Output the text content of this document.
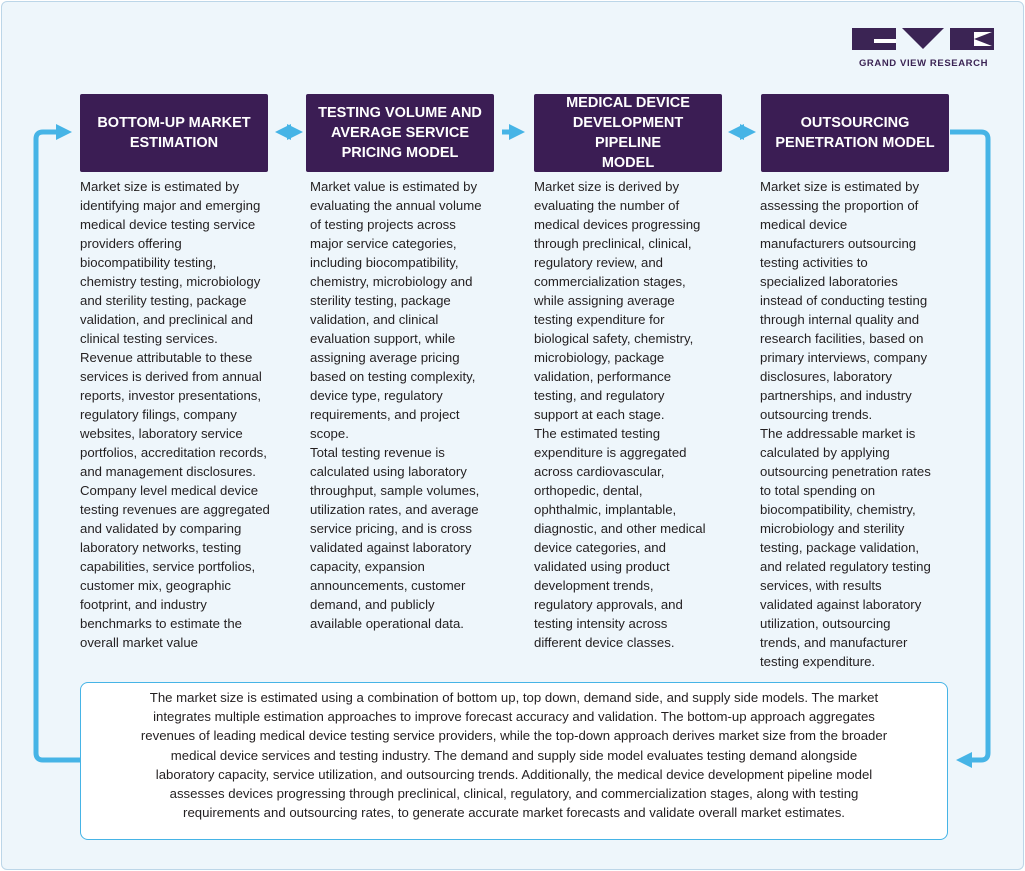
GRAND VIEW RESEARCH
BOTTOM-UP MARKET
ESTIMATION
TESTING VOLUME AND
AVERAGE SERVICE
PRICING MODEL
MEDICAL DEVICE
DEVELOPMENT PIPELINE
MODEL
OUTSOURCING
PENETRATION MODEL
Market size is estimated by
identifying major and emerging
medical device testing service
providers offering
biocompatibility testing,
chemistry testing, microbiology
and sterility testing, package
validation, and preclinical and
clinical testing services.
Revenue attributable to these
services is derived from annual
reports, investor presentations,
regulatory filings, company
websites, laboratory service
portfolios, accreditation records,
and management disclosures.
Company level medical device
testing revenues are aggregated
and validated by comparing
laboratory networks, testing
capabilities, service portfolios,
customer mix, geographic
footprint, and industry
benchmarks to estimate the
overall market value
Market value is estimated by
evaluating the annual volume
of testing projects across
major service categories,
including biocompatibility,
chemistry, microbiology and
sterility testing, package
validation, and clinical
evaluation support, while
assigning average pricing
based on testing complexity,
device type, regulatory
requirements, and project
scope.
Total testing revenue is
calculated using laboratory
throughput, sample volumes,
utilization rates, and average
service pricing, and is cross
validated against laboratory
capacity, expansion
announcements, customer
demand, and publicly
available operational data.
Market size is derived by
evaluating the number of
medical devices progressing
through preclinical, clinical,
regulatory review, and
commercialization stages,
while assigning average
testing expenditure for
biological safety, chemistry,
microbiology, package
validation, performance
testing, and regulatory
support at each stage.
The estimated testing
expenditure is aggregated
across cardiovascular,
orthopedic, dental,
ophthalmic, implantable,
diagnostic, and other medical
device categories, and
validated using product
development trends,
regulatory approvals, and
testing intensity across
different device classes.
Market size is estimated by
assessing the proportion of
medical device
manufacturers outsourcing
testing activities to
specialized laboratories
instead of conducting testing
through internal quality and
research facilities, based on
primary interviews, company
disclosures, laboratory
partnerships, and industry
outsourcing trends.
The addressable market is
calculated by applying
outsourcing penetration rates
to total spending on
biocompatibility, chemistry,
microbiology and sterility
testing, package validation,
and related regulatory testing
services, with results
validated against laboratory
utilization, outsourcing
trends, and manufacturer
testing expenditure.
The market size is estimated using a combination of bottom up, top down, demand side, and supply side models. The market
integrates multiple estimation approaches to improve forecast accuracy and validation. The bottom-up approach aggregates
revenues of leading medical device testing service providers, while the top-down approach derives market size from the broader
medical device services and testing industry. The demand and supply side model evaluates testing demand alongside
laboratory capacity, service utilization, and outsourcing trends. Additionally, the medical device development pipeline model
assesses devices progressing through preclinical, clinical, regulatory, and commercialization stages, along with testing
requirements and outsourcing rates, to generate accurate market forecasts and validate overall market estimates.
